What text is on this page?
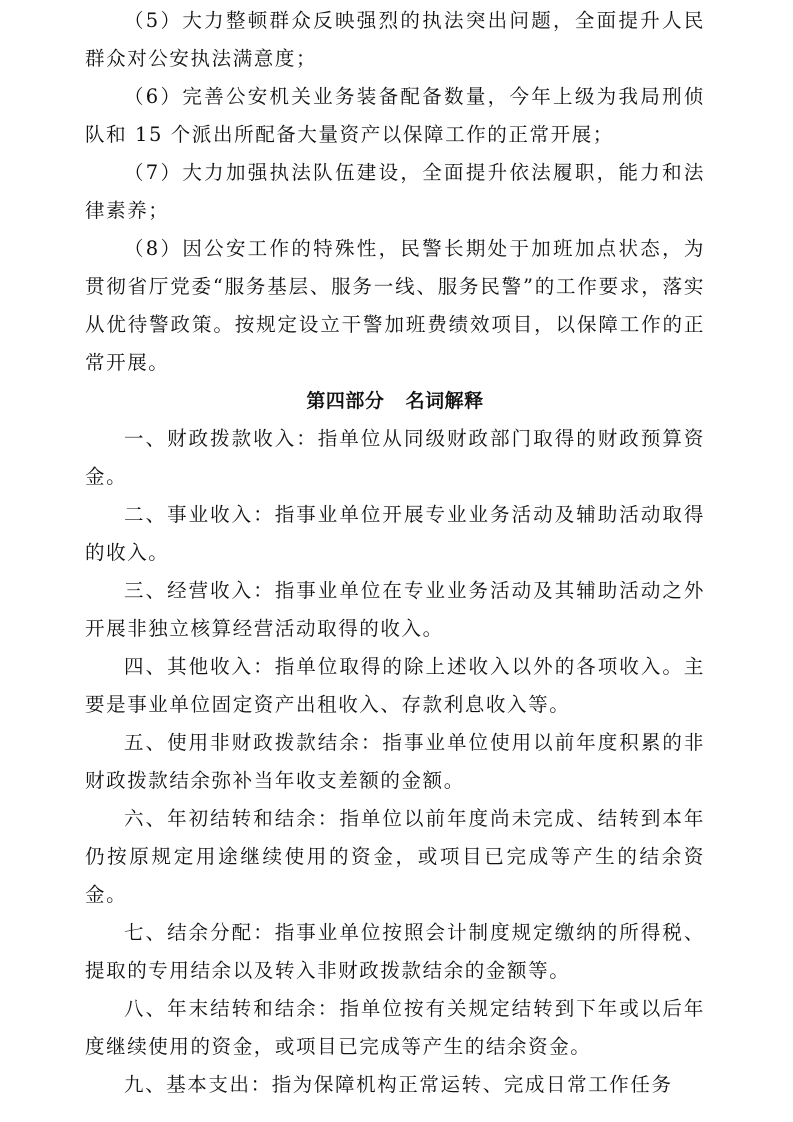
（5）大力整顿群众反映强烈的执法突出问题，全面提升人民群众对公安执法满意度；

（6）完善公安机关业务装备配备数量，今年上级为我局刑侦队和 15 个派出所配备大量资产以保障工作的正常开展；

（7）大力加强执法队伍建设，全面提升依法履职，能力和法律素养；

（8）因公安工作的特殊性，民警长期处于加班加点状态，为贯彻省厅党委“服务基层、服务一线、服务民警”的工作要求，落实从优待警政策。按规定设立干警加班费绩效项目，以保障工作的正常开展。

第四部分   名词解释

一、财政拨款收入：指单位从同级财政部门取得的财政预算资金。

二、事业收入：指事业单位开展专业业务活动及辅助活动取得的收入。

三、经营收入：指事业单位在专业业务活动及其辅助活动之外开展非独立核算经营活动取得的收入。

四、其他收入：指单位取得的除上述收入以外的各项收入。主要是事业单位固定资产出租收入、存款利息收入等。

五、使用非财政拨款结余：指事业单位使用以前年度积累的非财政拨款结余弥补当年收支差额的金额。

六、年初结转和结余：指单位以前年度尚未完成、结转到本年仍按原规定用途继续使用的资金，或项目已完成等产生的结余资金。

七、结余分配：指事业单位按照会计制度规定缴纳的所得税、提取的专用结余以及转入非财政拨款结余的金额等。

八、年末结转和结余：指单位按有关规定结转到下年或以后年度继续使用的资金，或项目已完成等产生的结余资金。

九、基本支出：指为保障机构正常运转、完成日常工作任务
